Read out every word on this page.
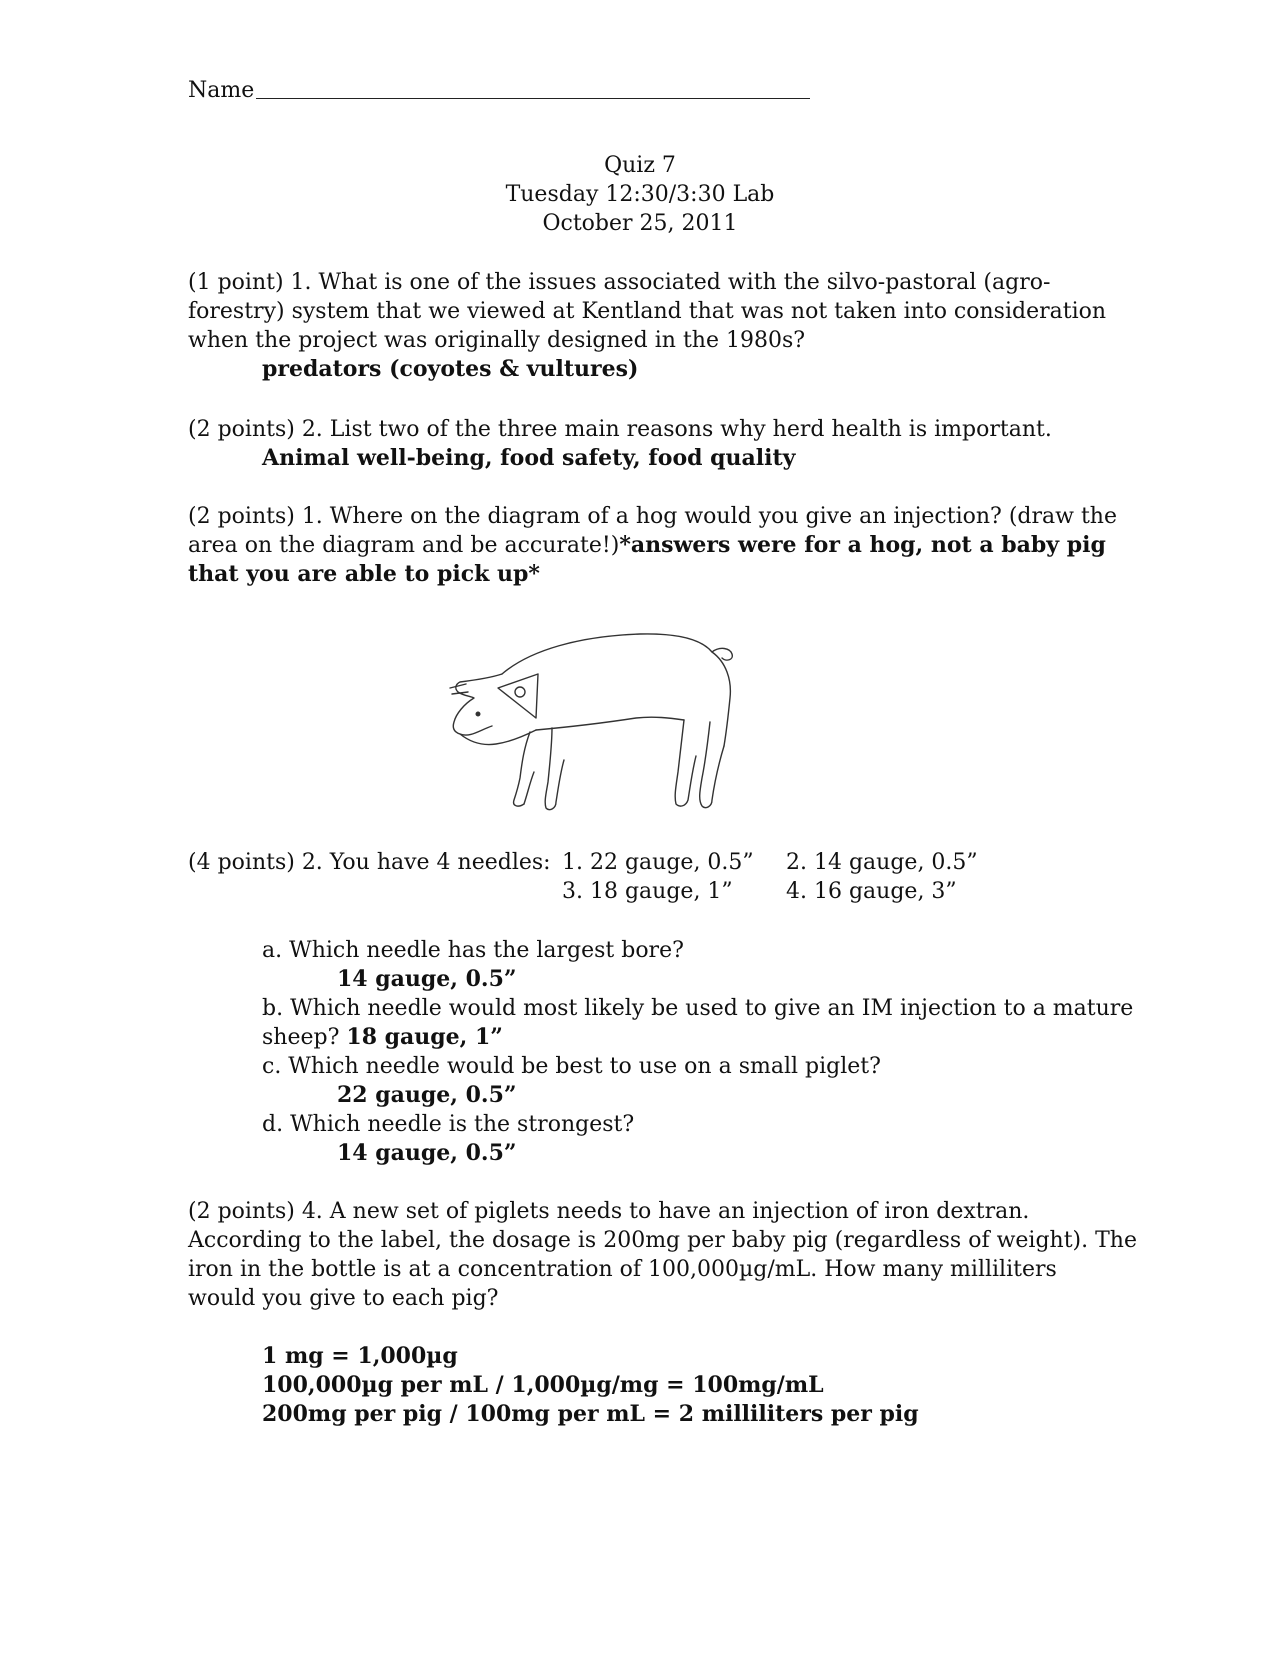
Name
Quiz 7
Tuesday 12:30/3:30 Lab
October 25, 2011
(1 point) 1. What is one of the issues associated with the silvo-pastoral (agro-
forestry) system that we viewed at Kentland that was not taken into consideration
when the project was originally designed in the 1980s?
predators (coyotes & vultures)
(2 points) 2. List two of the three main reasons why herd health is important.
Animal well-being, food safety, food quality
(2 points) 1. Where on the diagram of a hog would you give an injection? (draw the
area on the diagram and be accurate!)*answers were for a hog, not a baby pig
that you are able to pick up*
(4 points) 2. You have 4 needles: 1. 22 gauge, 0.5” 2. 14 gauge, 0.5”
3. 18 gauge, 1” 4. 16 gauge, 3”
a. Which needle has the largest bore?
14 gauge, 0.5”
b. Which needle would most likely be used to give an IM injection to a mature
sheep? 18 gauge, 1”
c. Which needle would be best to use on a small piglet?
22 gauge, 0.5”
d. Which needle is the strongest?
14 gauge, 0.5”
(2 points) 4. A new set of piglets needs to have an injection of iron dextran.
According to the label, the dosage is 200mg per baby pig (regardless of weight). The
iron in the bottle is at a concentration of 100,000µg/mL. How many milliliters
would you give to each pig?
1 mg = 1,000µg
100,000µg per mL / 1,000µg/mg = 100mg/mL
200mg per pig / 100mg per mL = 2 milliliters per pig
